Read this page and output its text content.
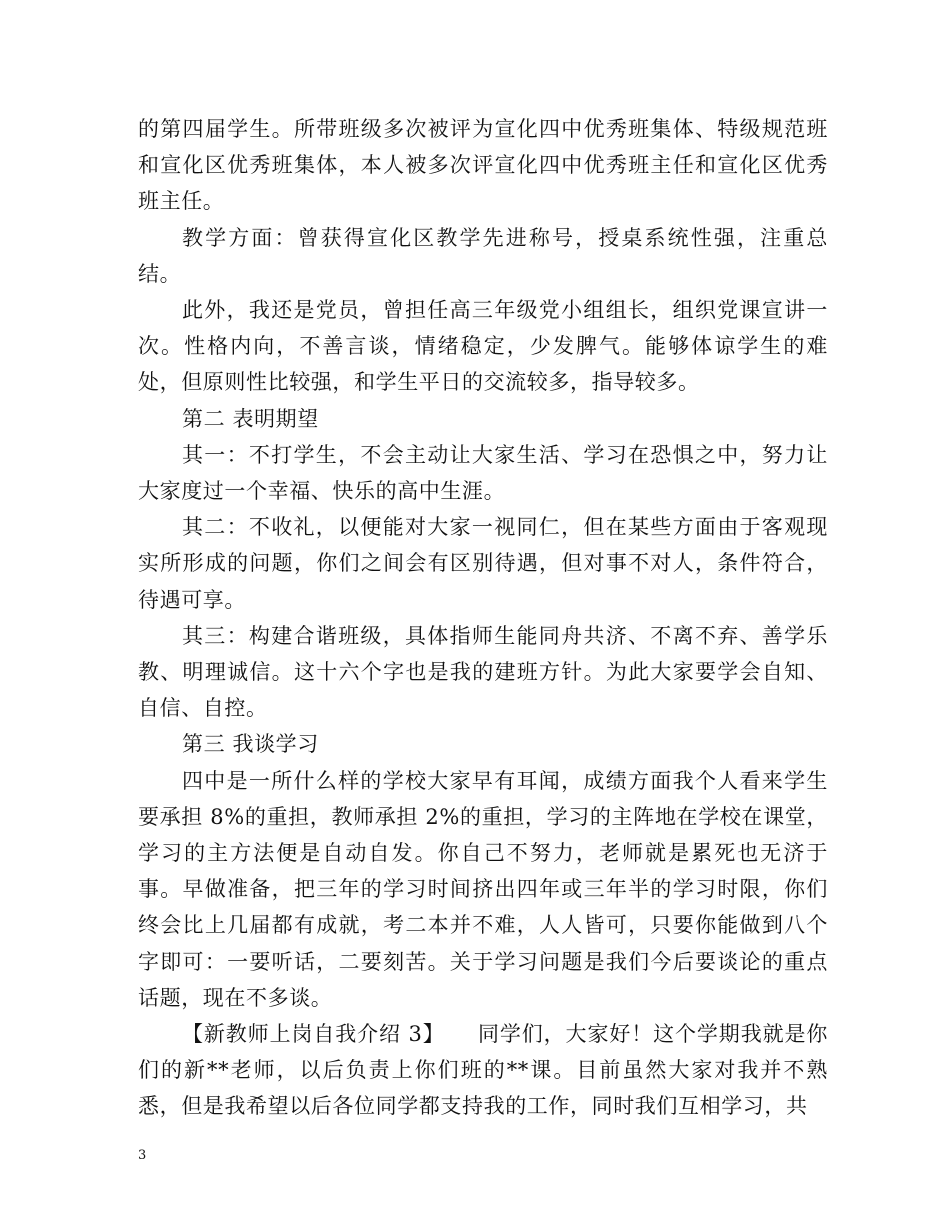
的第四届学生。所带班级多次被评为宣化四中优秀班集体、特级规范班和宣化区优秀班集体，本人被多次评宣化四中优秀班主任和宣化区优秀班主任。

教学方面：曾获得宣化区教学先进称号，授桌系统性强，注重总结。

此外，我还是党员，曾担任高三年级党小组组长，组织党课宣讲一次。性格内向，不善言谈，情绪稳定，少发脾气。能够体谅学生的难处，但原则性比较强，和学生平日的交流较多，指导较多。

第二 表明期望

其一：不打学生，不会主动让大家生活、学习在恐惧之中，努力让大家度过一个幸福、快乐的高中生涯。

其二：不收礼，以便能对大家一视同仁，但在某些方面由于客观现实所形成的问题，你们之间会有区别待遇，但对事不对人，条件符合，待遇可享。

其三：构建合谐班级，具体指师生能同舟共济、不离不弃、善学乐教、明理诚信。这十六个字也是我的建班方针。为此大家要学会自知、自信、自控。

第三 我谈学习

四中是一所什么样的学校大家早有耳闻，成绩方面我个人看来学生要承担 8%的重担，教师承担 2%的重担，学习的主阵地在学校在课堂，学习的主方法便是自动自发。你自己不努力，老师就是累死也无济于事。早做准备，把三年的学习时间挤出四年或三年半的学习时限，你们终会比上几届都有成就，考二本并不难，人人皆可，只要你能做到八个字即可：一要听话，二要刻苦。关于学习问题是我们今后要谈论的重点话题，现在不多谈。

【新教师上岗自我介绍 3】　　同学们，大家好！这个学期我就是你们的新**老师，以后负责上你们班的**课。目前虽然大家对我并不熟悉，但是我希望以后各位同学都支持我的工作，同时我们互相学习，共

3
